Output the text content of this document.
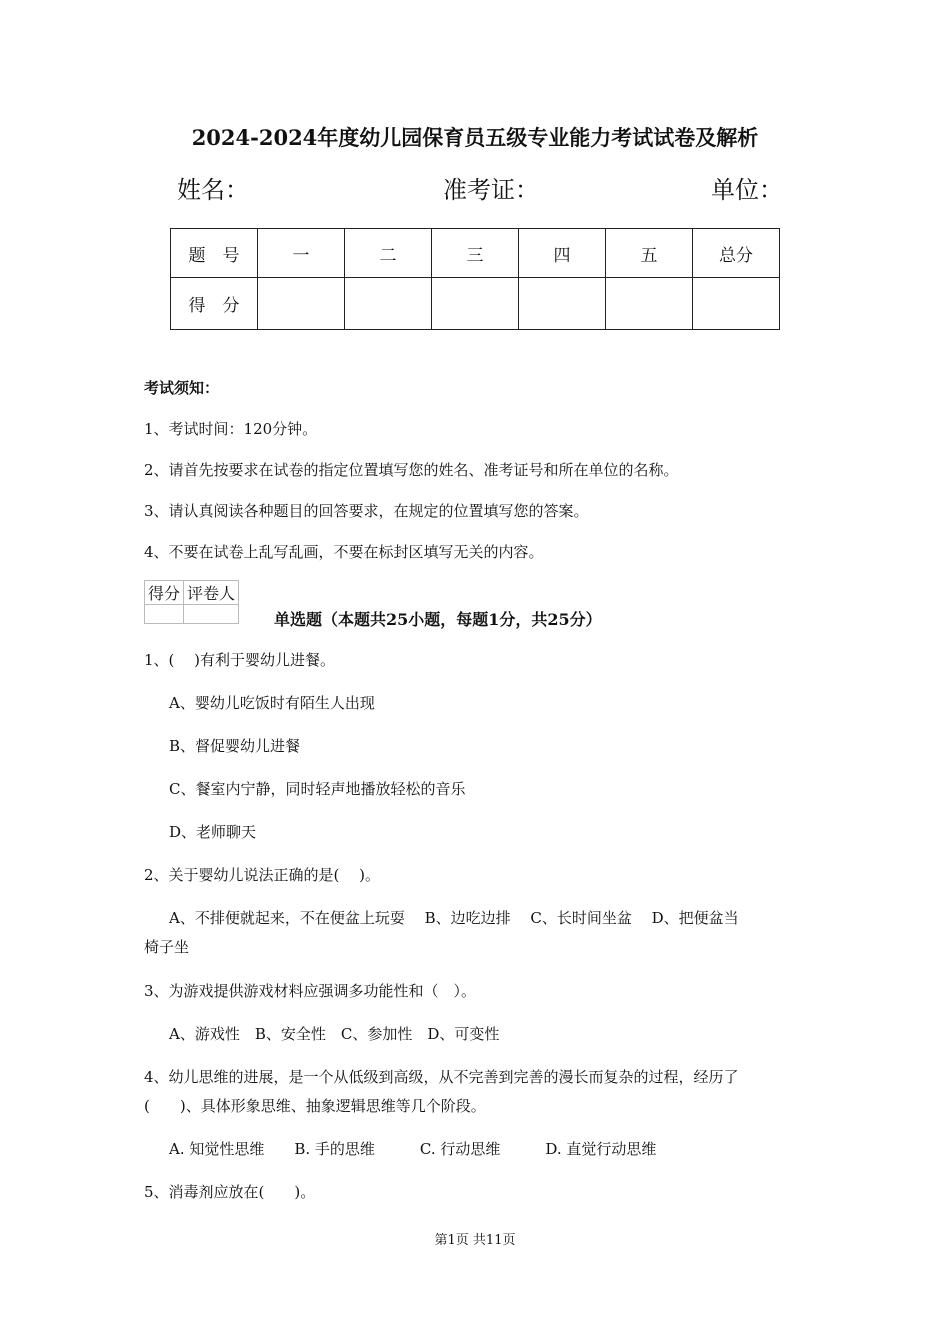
2024-2024年度幼儿园保育员五级专业能力考试试卷及解析
姓名：	准考证：	单位：
题　号	一	二	三	四	五	总分
得　分						
考试须知：
1、考试时间：120分钟。
2、请首先按要求在试卷的指定位置填写您的姓名、准考证号和所在单位的名称。
3、请认真阅读各种题目的回答要求，在规定的位置填写您的答案。
4、不要在试卷上乱写乱画，不要在标封区填写无关的内容。
得分	评卷人

单选题（本题共25小题，每题1分，共25分）
1、(　 )有利于婴幼儿进餐。
A、婴幼儿吃饭时有陌生人出现
B、督促婴幼儿进餐
C、餐室内宁静，同时轻声地播放轻松的音乐
D、老师聊天
2、关于婴幼儿说法正确的是(　 )。
A、不排便就起来，不在便盆上玩耍　 B、边吃边排　 C、长时间坐盆　 D、把便盆当
椅子坐
3、为游戏提供游戏材料应强调多功能性和（　）。
A、游戏性　B、安全性　C、参加性　D、可变性
4、幼儿思维的进展，是一个从低级到高级，从不完善到完善的漫长而复杂的过程，经历了
(　　)、具体形象思维、抽象逻辑思维等几个阶段。
A. 知觉性思维　　B. 手的思维　　　C. 行动思维　　　D. 直觉行动思维
5、消毒剂应放在(　　)。
第1页 共11页
